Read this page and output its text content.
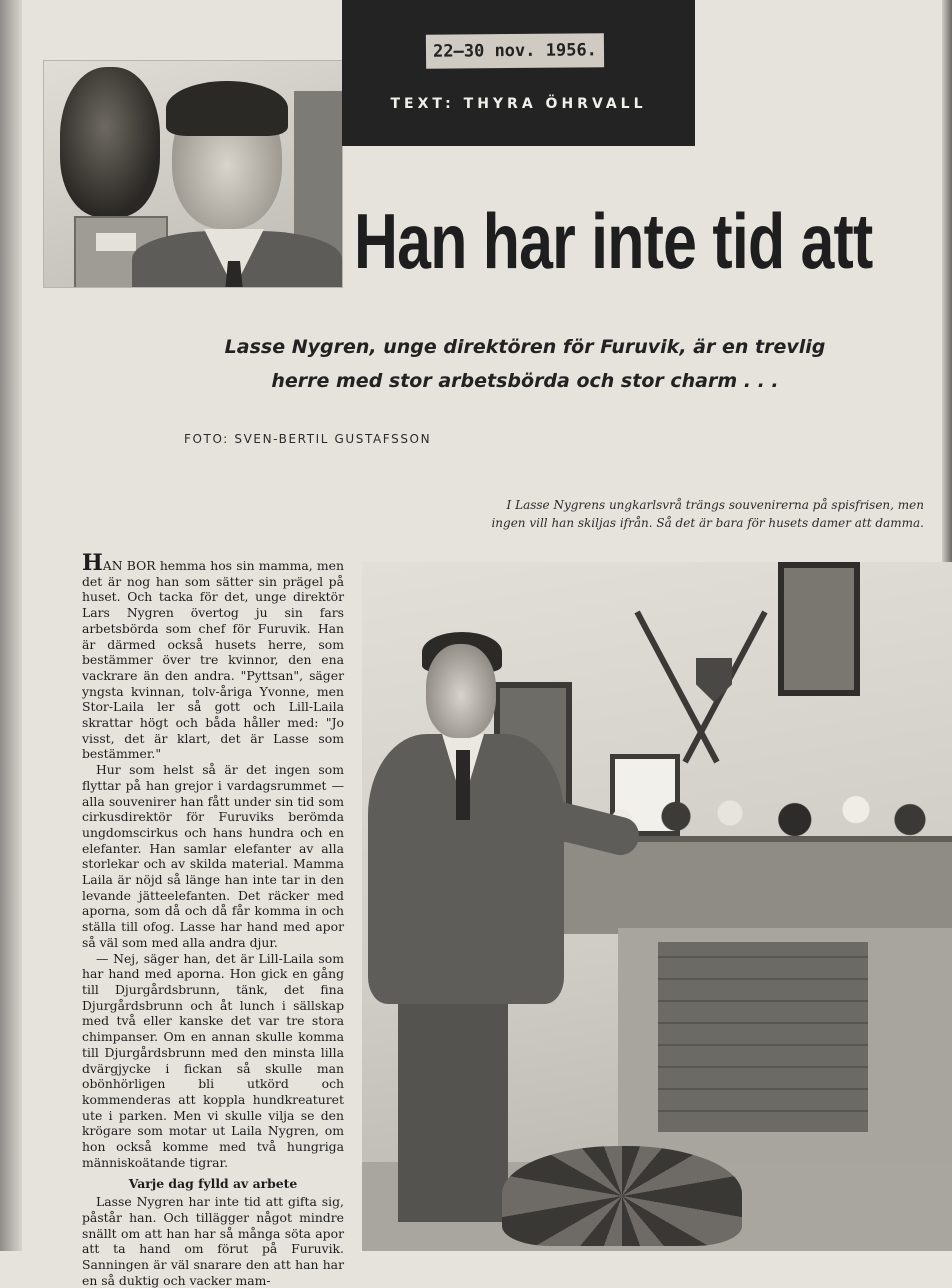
22–30 nov. 1956.
TEXT: THYRA ÖHRVALL
Han har inte tid att
Lasse Nygren, unge direktören för Furuvik, är en trevlig
herre med stor arbetsbörda och stor charm . . .
FOTO: SVEN-BERTIL GUSTAFSSON
I Lasse Nygrens ungkarlsvrå trängs souvenirerna på spisfrisen, men
ingen vill han skiljas ifrån. Så det är bara för husets damer att damma.

HAN BOR hemma hos sin mamma, men det är nog han som sätter sin prägel på huset. Och tacka för det, unge direktör Lars Nygren övertog ju sin fars arbetsbörda som chef för Furuvik. Han är därmed också husets herre, som bestämmer över tre kvinnor, den ena vackrare än den andra. "Pyttsan", säger yngsta kvinnan, tolv-åriga Yvonne, men Stor-Laila ler så gott och Lill-Laila skrattar högt och båda håller med: "Jo visst, det är klart, det är Lasse som bestämmer."

Hur som helst så är det ingen som flyttar på han grejor i vardagsrummet — alla souvenirer han fått under sin tid som cirkusdirektör för Furuviks berömda ungdomscirkus och hans hundra och en elefanter. Han samlar elefanter av alla storlekar och av skilda material. Mamma Laila är nöjd så länge han inte tar in den levande jätteelefanten. Det räcker med aporna, som då och då får komma in och ställa till ofog. Lasse har hand med apor så väl som med alla andra djur.

— Nej, säger han, det är Lill-Laila som har hand med aporna. Hon gick en gång till Djurgårdsbrunn, tänk, det fina Djurgårdsbrunn och åt lunch i sällskap med två eller kanske det var tre stora chimpanser. Om en annan skulle komma till Djurgårdsbrunn med den minsta lilla dvärgjycke i fickan så skulle man obönhörligen bli utkörd och kommenderas att koppla hundkreaturet ute i parken. Men vi skulle vilja se den krögare som motar ut Laila Nygren, om hon också komme med två hungriga människoätande tigrar.

Varje dag fylld av arbete

Lasse Nygren har inte tid att gifta sig, påstår han. Och tillägger något mindre snällt om att han har så många söta apor att ta hand om förut på Furuvik. Sanningen är väl snarare den att han har en så duktig och vacker mam-
